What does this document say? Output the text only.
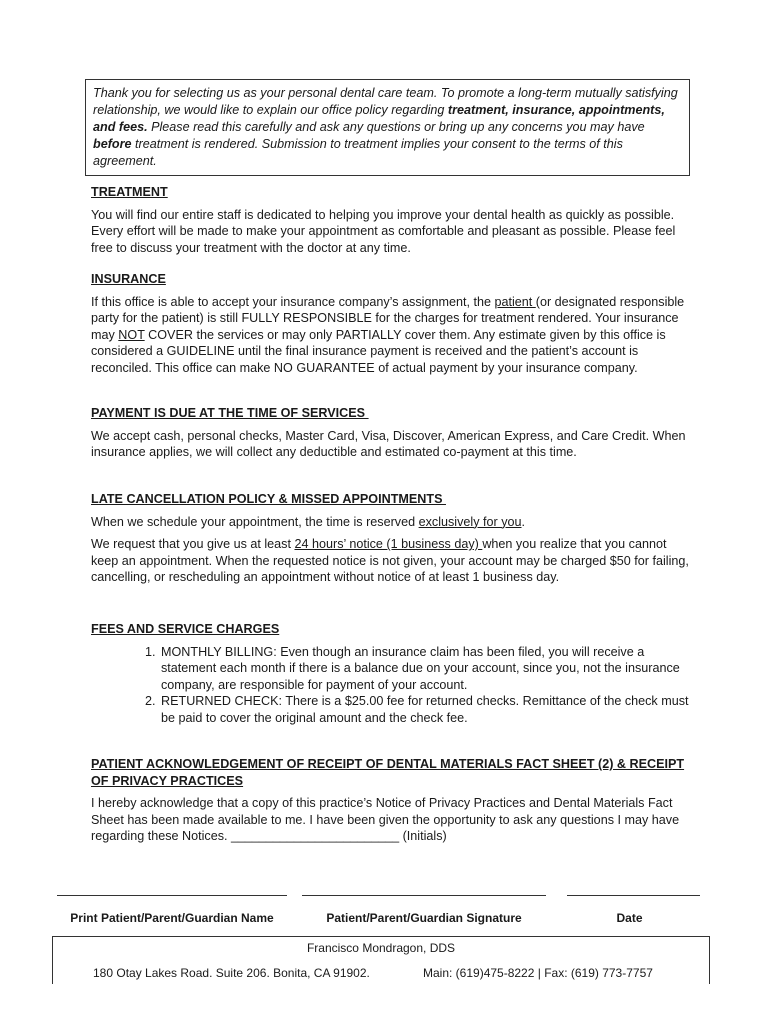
Thank you for selecting us as your personal dental care team. To promote a long-term mutually satisfying relationship, we would like to explain our office policy regarding treatment, insurance, appointments, and fees. Please read this carefully and ask any questions or bring up any concerns you may have before treatment is rendered. Submission to treatment implies your consent to the terms of this agreement.
TREATMENT
You will find our entire staff is dedicated to helping you improve your dental health as quickly as possible. Every effort will be made to make your appointment as comfortable and pleasant as possible. Please feel free to discuss your treatment with the doctor at any time.
INSURANCE
If this office is able to accept your insurance company’s assignment, the patient (or designated responsible party for the patient) is still FULLY RESPONSIBLE for the charges for treatment rendered. Your insurance may NOT COVER the services or may only PARTIALLY cover them. Any estimate given by this office is considered a GUIDELINE until the final insurance payment is received and the patient’s account is reconciled. This office can make NO GUARANTEE of actual payment by your insurance company.
PAYMENT IS DUE AT THE TIME OF SERVICES
We accept cash, personal checks, Master Card, Visa, Discover, American Express, and Care Credit. When insurance applies, we will collect any deductible and estimated co-payment at this time.
LATE CANCELLATION POLICY & MISSED APPOINTMENTS
When we schedule your appointment, the time is reserved exclusively for you.
We request that you give us at least 24 hours’ notice (1 business day) when you realize that you cannot keep an appointment. When the requested notice is not given, your account may be charged $50 for failing, cancelling, or rescheduling an appointment without notice of at least 1 business day.
FEES AND SERVICE CHARGES
1. MONTHLY BILLING: Even though an insurance claim has been filed, you will receive a statement each month if there is a balance due on your account, since you, not the insurance company, are responsible for payment of your account.
2. RETURNED CHECK: There is a $25.00 fee for returned checks. Remittance of the check must be paid to cover the original amount and the check fee.
PATIENT ACKNOWLEDGEMENT OF RECEIPT OF DENTAL MATERIALS FACT SHEET (2) & RECEIPT OF PRIVACY PRACTICES
I hereby acknowledge that a copy of this practice’s Notice of Privacy Practices and Dental Materials Fact Sheet has been made available to me. I have been given the opportunity to ask any questions I may have regarding these Notices. ________________________ (Initials)
Print Patient/Parent/Guardian Name	Patient/Parent/Guardian Signature	Date
Francisco Mondragon, DDS
180 Otay Lakes Road. Suite 206. Bonita, CA 91902.	Main: (619)475-8222 | Fax: (619) 773-7757
